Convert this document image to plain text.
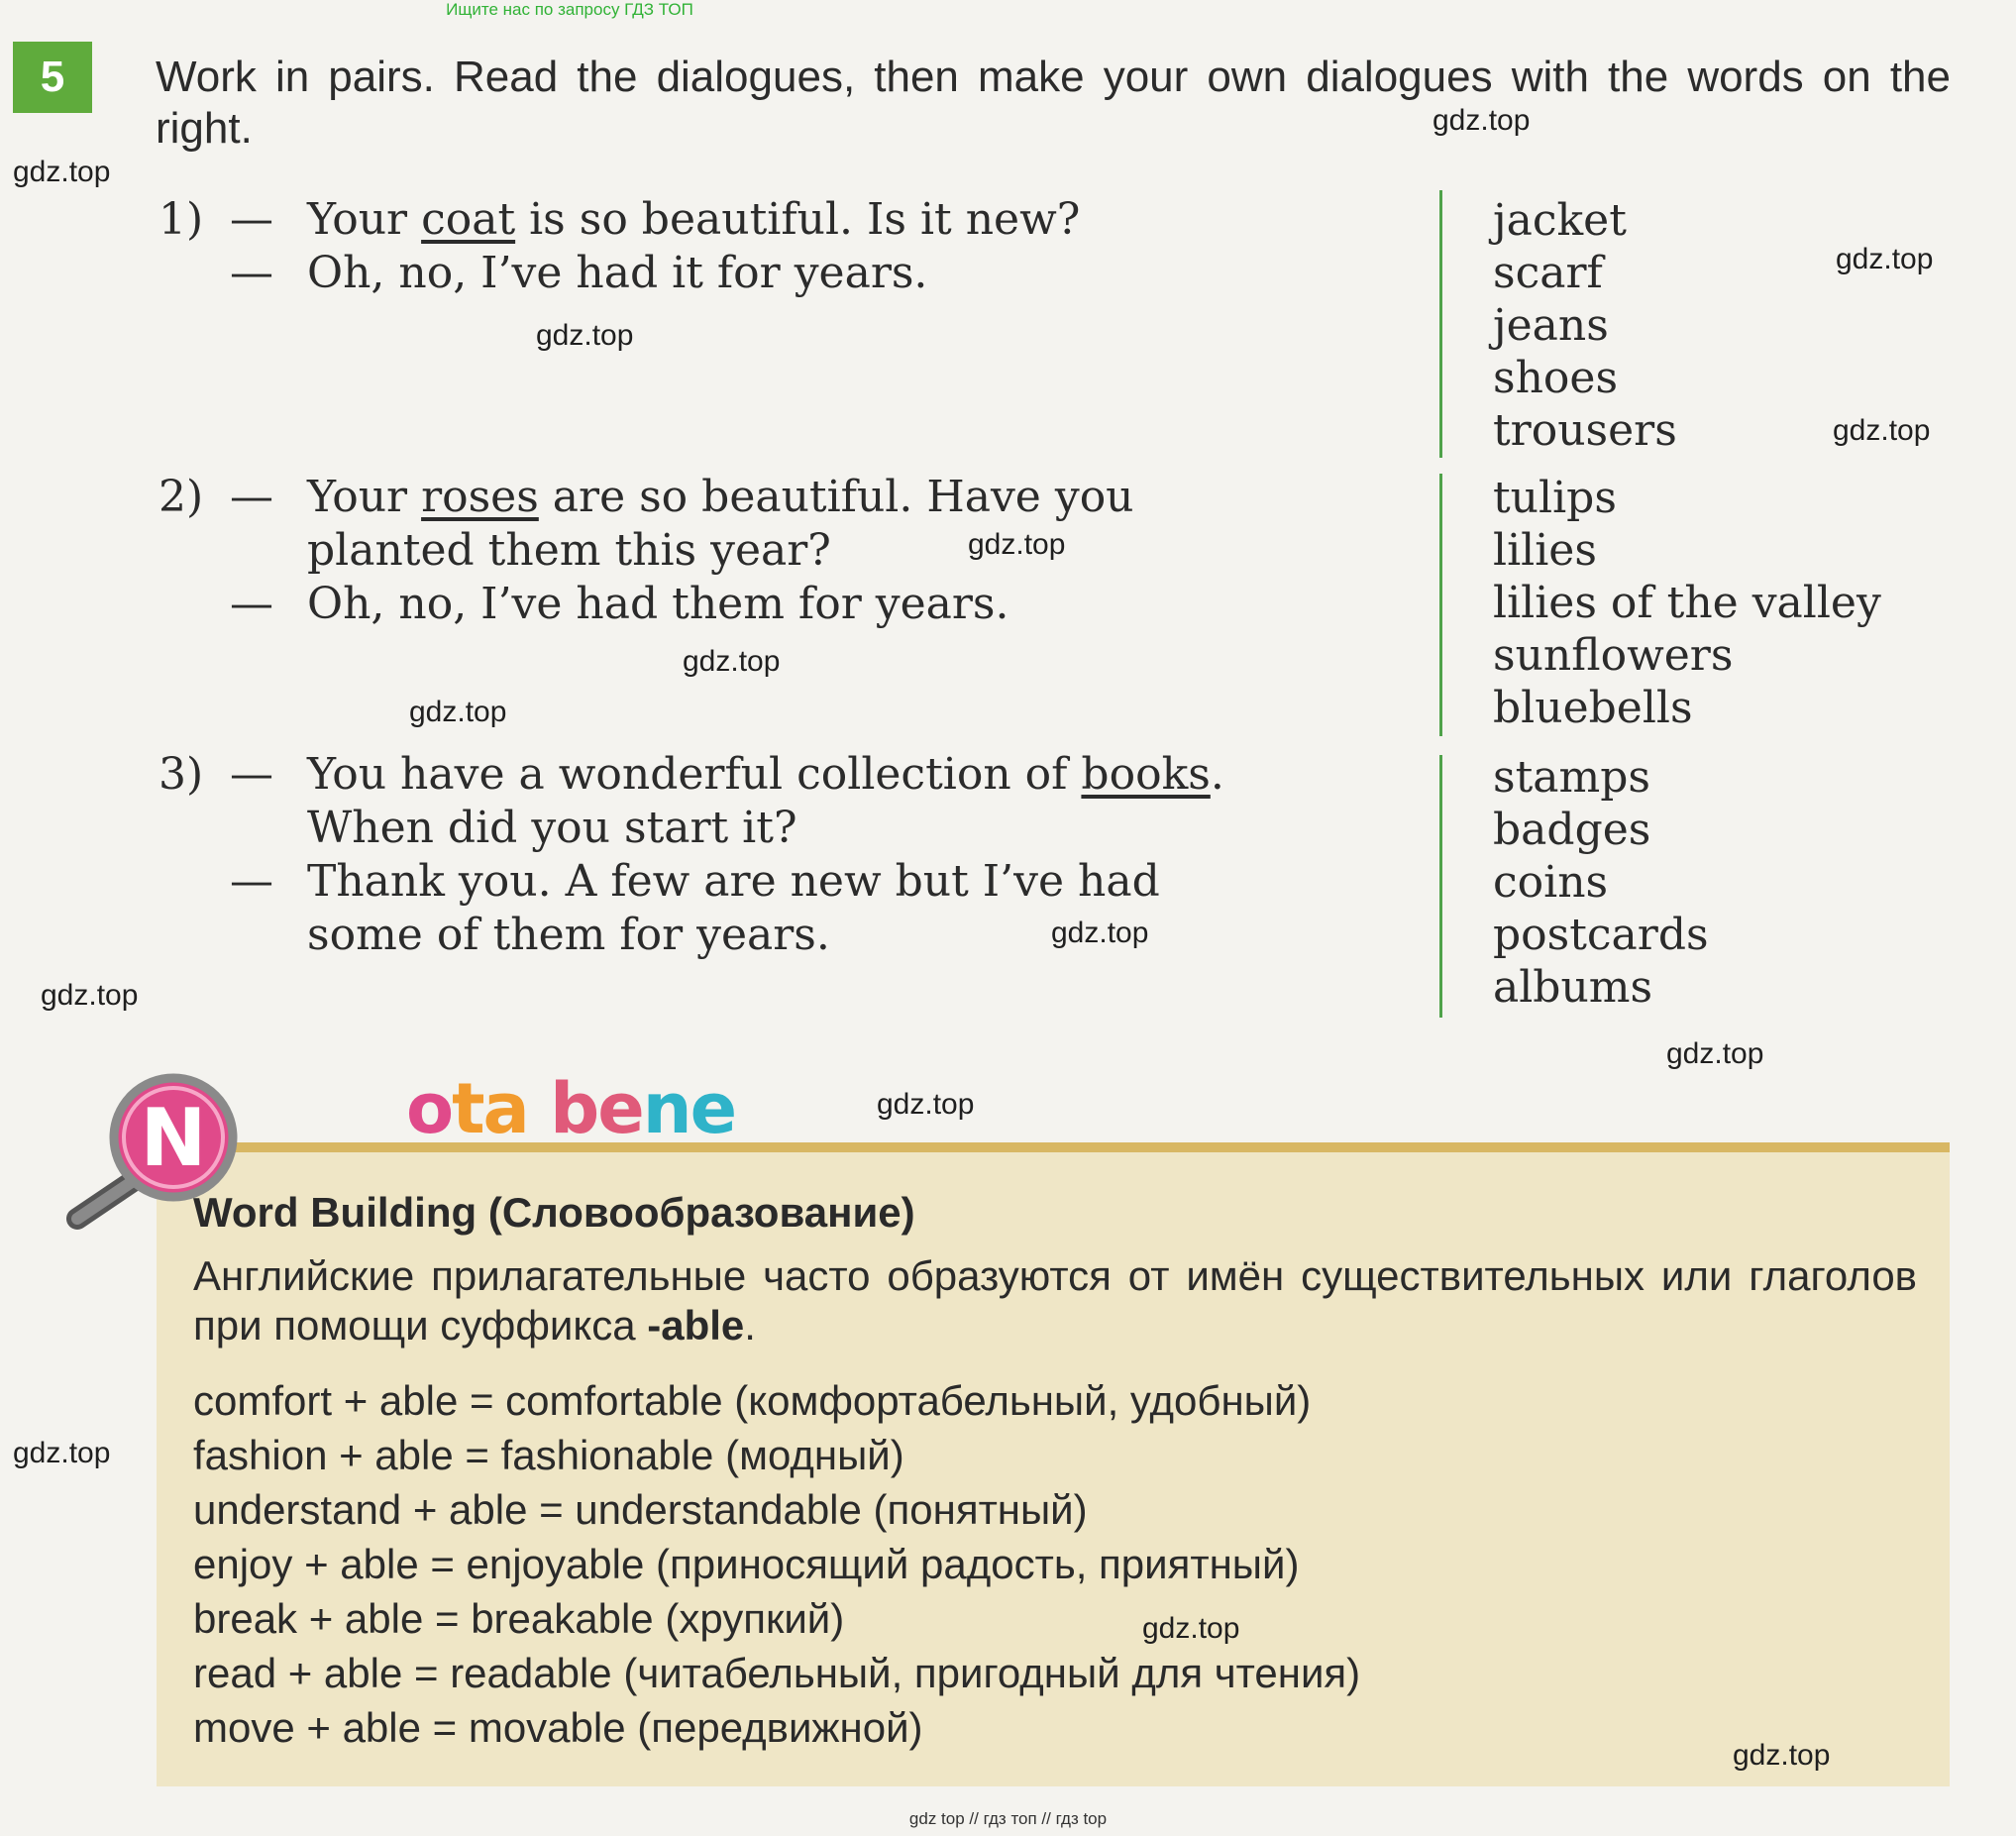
Ищите нас по запросу ГДЗ ТОП
5	Work in pairs. Read the dialogues, then make your own dialogues with the words on the right.
1) — Your coat is so beautiful. Is it new?
— Oh, no, I’ve had it for years.
2) — Your roses are so beautiful. Have you
planted them this year?
— Oh, no, I’ve had them for years.
3) — You have a wonderful collection of books.
When did you start it?
— Thank you. A few are new but I’ve had
some of them for years.
jacket
scarf
jeans
shoes
trousers
tulips
lilies
lilies of the valley
sunflowers
bluebells
stamps
badges
coins
postcards
albums
N	ota bene
Word Building (Словообразование)
Английские прилагательные часто образуются от имён существительных или глаголов при помощи суффикса -able.
comfort + able = comfortable (комфортабельный, удобный)
fashion + able = fashionable (модный)
understand + able = understandable (понятный)
enjoy + able = enjoyable (приносящий радость, приятный)
break + able = breakable (хрупкий)
read + able = readable (читабельный, пригодный для чтения)
move + able = movable (передвижной)
gdz.top
gdz.top
gdz.top
gdz.top
gdz.top
gdz.top
gdz.top
gdz.top
gdz.top
gdz.top
gdz.top
gdz.top
gdz.top
gdz.top
gdz.top
gdz top // гдз топ // гдз top
